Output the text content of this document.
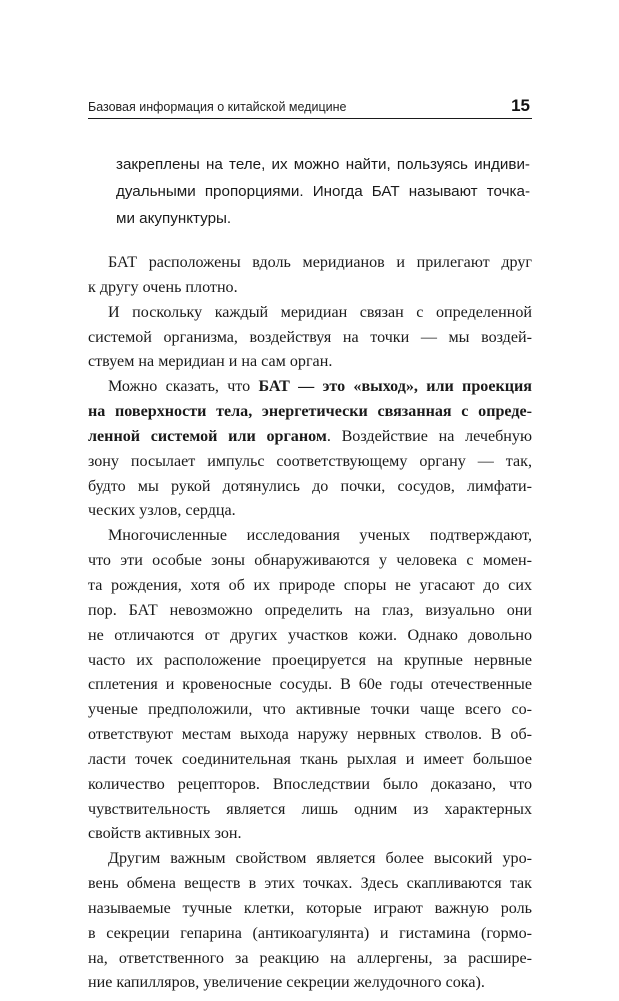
Базовая информация о китайской медицине	15
закреплены на теле, их можно найти, пользуясь индиви-
дуальными пропорциями. Иногда БАТ называют точка-
ми акупунктуры.
БАТ расположены вдоль меридианов и прилегают друг
к другу очень плотно.
И поскольку каждый меридиан связан с определенной
системой организма, воздействуя на точки — мы воздей-
ствуем на меридиан и на сам орган.
Можно сказать, что БАТ — это «выход», или проекция
на поверхности тела, энергетически связанная с опреде-
ленной системой или органом. Воздействие на лечебную
зону посылает импульс соответствующему органу — так,
будто мы рукой дотянулись до почки, сосудов, лимфати-
ческих узлов, сердца.
Многочисленные исследования ученых подтверждают,
что эти особые зоны обнаруживаются у человека с момен-
та рождения, хотя об их природе споры не угасают до сих
пор. БАТ невозможно определить на глаз, визуально они
не отличаются от других участков кожи. Однако довольно
часто их расположение проецируется на крупные нервные
сплетения и кровеносные сосуды. В 60е годы отечественные
ученые предположили, что активные точки чаще всего со-
ответствуют местам выхода наружу нервных стволов. В об-
ласти точек соединительная ткань рыхлая и имеет большое
количество рецепторов. Впоследствии было доказано, что
чувствительность является лишь одним из характерных
свойств активных зон.
Другим важным свойством является более высокий уро-
вень обмена веществ в этих точках. Здесь скапливаются так
называемые тучные клетки, которые играют важную роль
в секреции гепарина (антикоагулянта) и гистамина (гормо-
на, ответственного за реакцию на аллергены, за расшире-
ние капилляров, увеличение секреции желудочного сока).
